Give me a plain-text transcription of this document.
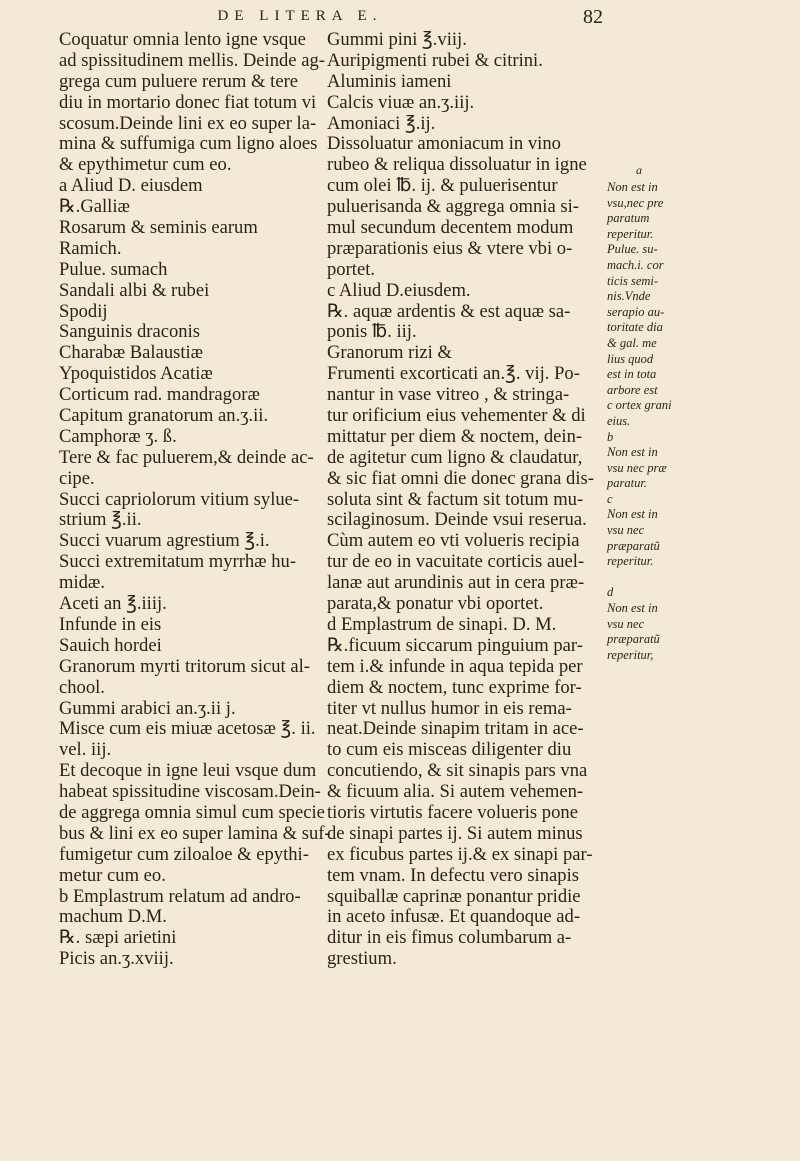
DE LITERA E.	82
Coquatur omnia lento igne vsque
ad spissitudinem mellis. Deinde ag-
grega cum puluere rerum & tere
diu in mortario donec fiat totum vi
scosum.Deinde lini ex eo super la-
mina & suffumiga cum ligno aloes
& epythimetur cum eo.
a Aliud D. eiusdem
℞.Galliæ
Rosarum & seminis earum
Ramich.
Pulue. sumach
Sandali albi & rubei
Spodij
Sanguinis draconis
Charabæ Balaustiæ
Ypoquistidos Acatiæ
Corticum rad. mandragoræ
Capitum granatorum an.ʒ.ii.
Camphoræ ʒ. ß.
Tere & fac puluerem,& deinde ac-
cipe.
Succi capriolorum vitium sylue-
strium ℥.ii.
Succi vuarum agrestium ℥.i.
Succi extremitatum myrrhæ hu-
midæ.
Aceti an ℥.iiij.
Infunde in eis
Sauich hordei
Granorum myrti tritorum sicut al-
chool.
Gummi arabici an.ʒ.ii j.
Misce cum eis miuæ acetosæ ℥. ii.
vel. iij.
Et decoque in igne leui vsque dum
habeat spissitudine viscosam.Dein-
de aggrega omnia simul cum specie
bus & lini ex eo super lamina & suf-
fumigetur cum ziloaloe & epythi-
metur cum eo.
b Emplastrum relatum ad andro-
machum D.M.
℞. sæpi arietini
Picis an.ʒ.xviij.
Gummi pini ℥.viij.
Auripigmenti rubei & citrini.
Aluminis iameni
Calcis viuæ an.ʒ.iij.
Amoniaci ℥.ij.
Dissoluatur amoniacum in vino
rubeo & reliqua dissoluatur in igne
cum olei ℔. ij. & puluerisentur
puluerisanda & aggrega omnia si-
mul secundum decentem modum
præparationis eius & vtere vbi o-
portet.
c Aliud D.eiusdem.
℞. aquæ ardentis & est aquæ sa-
ponis ℔. iij.
Granorum rizi &
Frumenti excorticati an.℥. vij. Po-
nantur in vase vitreo , & stringa-
tur orificium eius vehementer & di
mittatur per diem & noctem, dein-
de agitetur cum ligno & claudatur,
& sic fiat omni die donec grana dis-
soluta sint & factum sit totum mu-
scilaginosum. Deinde vsui reserua.
Cùm autem eo vti volueris recipia
tur de eo in vacuitate corticis auel-
lanæ aut arundinis aut in cera præ-
parata,& ponatur vbi oportet.
d Emplastrum de sinapi. D. M.
℞.ficuum siccarum pinguium par-
tem i.& infunde in aqua tepida per
diem & noctem, tunc exprime for-
titer vt nullus humor in eis rema-
neat.Deinde sinapim tritam in ace-
to cum eis misceas diligenter diu
concutiendo, & sit sinapis pars vna
& ficuum alia. Si autem vehemen-
tioris virtutis facere volueris pone
de sinapi partes ij. Si autem minus
ex ficubus partes ij.& ex sinapi par-
tem vnam. In defectu vero sinapis
squiballæ caprinæ ponantur pridie
in aceto infusæ. Et quandoque ad-
ditur in eis fimus columbarum a-
grestium.
a
Non est in
vsu,nec pre
paratum
reperitur.
Pulue. su-
mach.i. cor
ticis semi-
nis.Vnde
serapio au-
toritate dia
& gal. me
lius quod
est in tota
arbore est
c ortex grani
eius.
b
Non est in
vsu nec præ
paratur.
c
Non est in
vsu nec
præparatũ
reperitur.
d
Non est in
vsu nec
præparatũ
reperitur,
